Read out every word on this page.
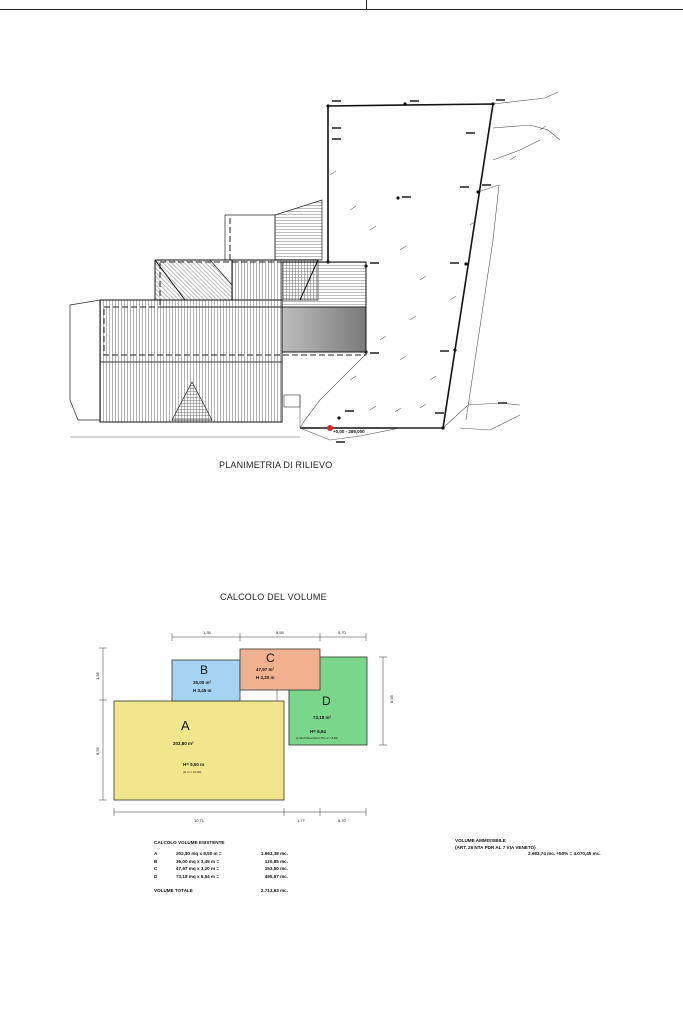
+0,00 - 289,000
1,35	8,55	5,70
10,71	1,77	5,70
1,95
8,55
8,95
A
202,80 m²
H= 9,50 m
(H m = 10,00)
B
35,00 m²
H 3,45 m
C
47,97 m²
H 3,20 m
D
73,18 m²
H= 6,54
(1,90+6,50+2,00+4,75) / 2 = 6,54)
PLANIMETRIA DI RILIEVO
CALCOLO DEL VOLUME
CALCOLO VOLUME ESISTENTE
A	202,80 mq x 9,50 m =	1.963,38 mc.
B	35,00 mq x 3,45 m =	120,85 mc.
C	47,97 mq x 3,20 m =	153,50 mc.
D	73,18 mq x 6,54 m =	495,97 mc.
VOLUME TOTALE	2.713,63 mc.
VOLUME AMMISSIBILE
(ART. 26 NTA PDR AL 7 VIA VENETO)
2.683,74 mc. +50% = 4.070,45 mc.
